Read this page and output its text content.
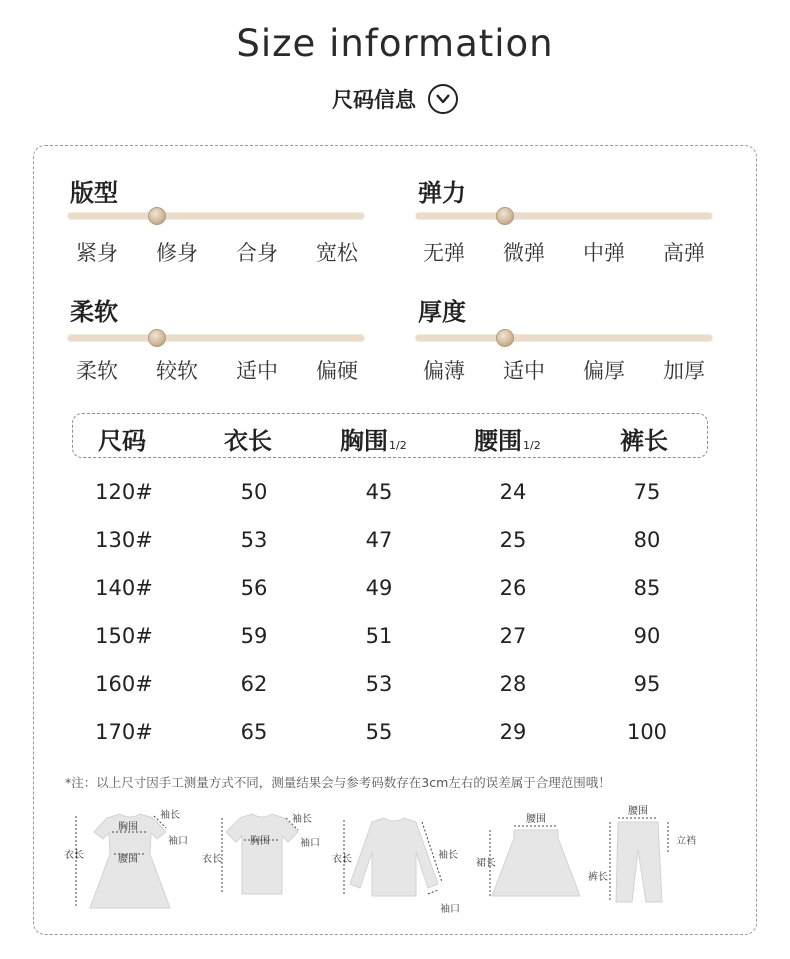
Size information
尺码信息
版型
紧身	修身	合身	宽松
弹力
无弹	微弹	中弹	高弹
柔软
柔软	较软	适中	偏硬
厚度
偏薄	适中	偏厚	加厚
尺码	衣长	胸围1/2	腰围1/2	裤长
120#	50	45	24	75
130#	53	47	25	80
140#	56	49	26	85
150#	59	51	27	90
160#	62	53	28	95
170#	65	55	29	100
*注：以上尺寸因手工测量方式不同，测量结果会与参考码数存在3cm左右的误差属于合理范围哦！
衣长
胸围
腰围
袖长
袖口
衣长
胸围
袖长
袖口
衣长	袖长
袖口
腰围
裙长
腰围
立裆
裤长
